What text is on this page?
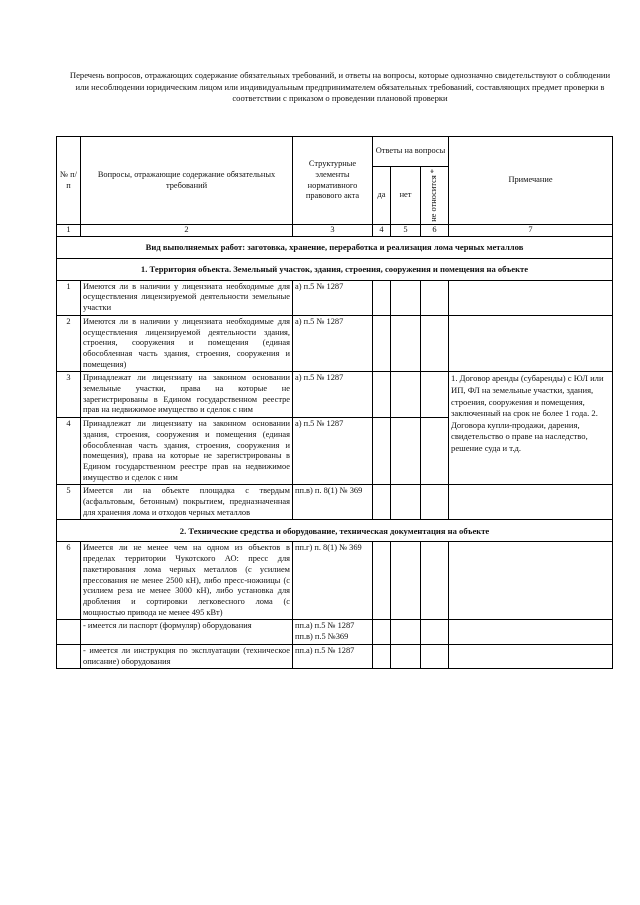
Перечень вопросов, отражающих содержание обязательных требований, и ответы на вопросы, которые однозначно свидетельствуют о соблюдении или несоблюдении юридическим лицом или индивидуальным предпринимателем обязательных требований, составляющих предмет проверки в соответствии с приказом о проведении плановой проверки
№ п/п	Вопросы, отражающие содержание обязательных требований	Структурные элементы нормативного правового акта	Ответы на вопросы			Примечание
			да	нет	не относится *	

1	2	3	4	5	6	7
Вид выполняемых работ: заготовка, хранение, переработка и реализация лома черных металлов						
1. Территория объекта. Земельный участок, здания, строения, сооружения и помещения на объекте						
1	Имеются ли в наличии у лицензиата необходимые для осуществления лицензируемой деятельности земельные участки	а) п.5 № 1287				
2	Имеются ли в наличии у лицензиата необходимые для осуществления лицензируемой деятельности здания, строения, сооружения и помещения (единая обособленная часть здания, строения, сооружения и помещения)	а) п.5 № 1287				
3	Принадлежат ли лицензиату на законном основании земельные участки, права на которые не зарегистрированы в Едином государственном реестре прав на недвижимое имущество и сделок с ним	а) п.5 № 1287				1. Договор аренды (субаренды) с ЮЛ или ИП, ФЛ на земельные участки, здания, строения, сооружения и помещения, заключенный на срок не более 1 года. 2. Договора купли-продажи, дарения, свидетельство о праве на наследство, решение суда и т.д.
4	Принадлежат ли лицензиату на законном основании здания, строения, сооружения и помещения (единая обособленная часть здания, строения, сооружения и помещения), права на которые не зарегистрированы в Едином государственном реестре прав на недвижимое имущество и сделок с ним	а) п.5 № 1287				
5	Имеется ли на объекте площадка с твердым (асфальтовым, бетонным) покрытием, предназначенная для хранения лома и отходов черных металлов	пп.в) п. 8(1) № 369				
2. Технические средства и оборудование, техническая документация на объекте						
6	Имеется ли не менее чем на одном из объектов в пределах территории Чукотского АО: пресс для пакетирования лома черных металлов (с усилием прессования не менее 2500 кН), либо пресс-ножницы (с усилием реза не менее 3000 кН), либо установка для дробления и сортировки легковесного лома (с мощностью привода не менее 495 кВт)	пп.г) п. 8(1) № 369				
	- имеется ли паспорт (формуляр) оборудования	пп.а) п.5 № 1287 пп.в) п.5 №369				
	- имеется ли инструкция по эксплуатации (техническое описание) оборудования	пп.а) п.5 № 1287				
